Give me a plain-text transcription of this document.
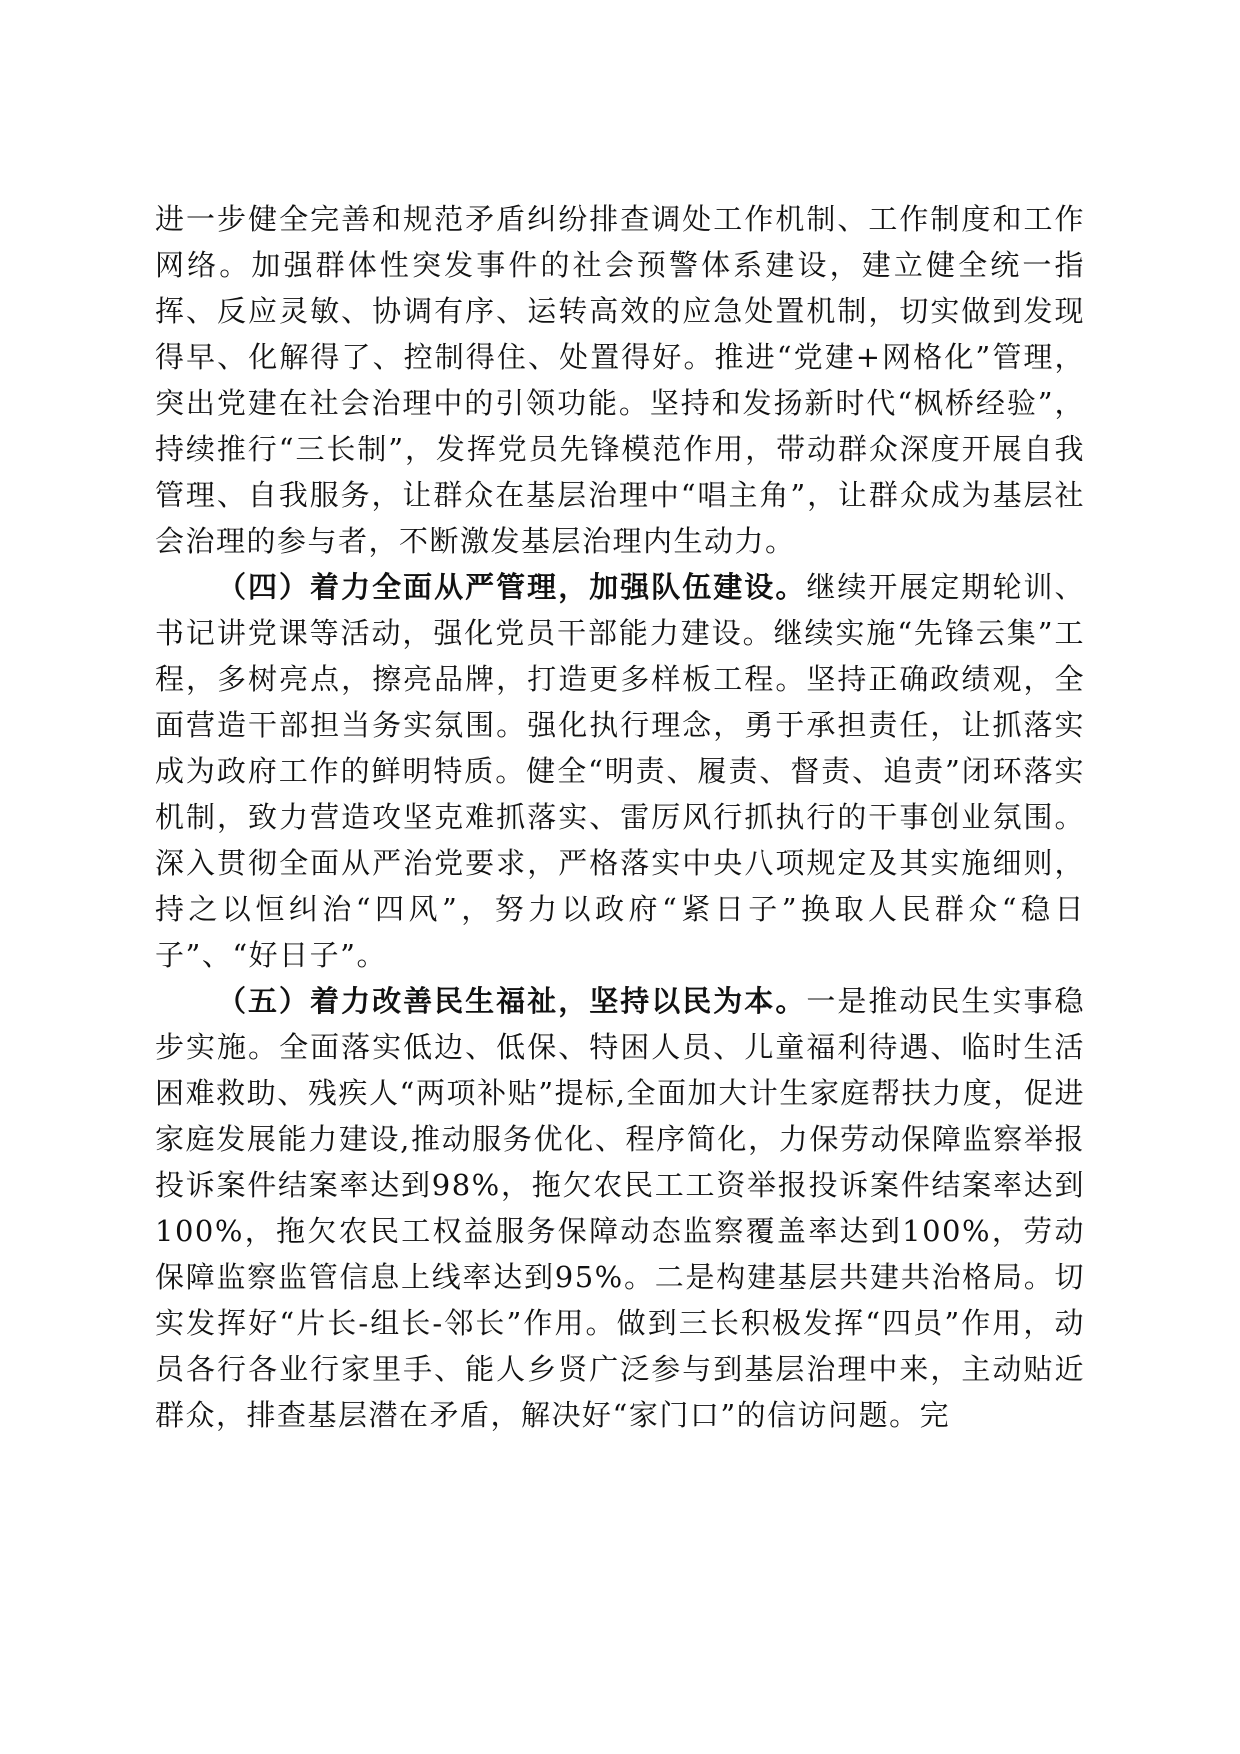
进一步健全完善和规范矛盾纠纷排查调处工作机制、工作制度和工作网络。加强群体性突发事件的社会预警体系建设，建立健全统一指挥、反应灵敏、协调有序、运转高效的应急处置机制，切实做到发现得早、化解得了、控制得住、处置得好。推进“党建+网格化”管理，突出党建在社会治理中的引领功能。坚持和发扬新时代“枫桥经验”，持续推行“三长制”，发挥党员先锋模范作用，带动群众深度开展自我管理、自我服务，让群众在基层治理中“唱主角”，让群众成为基层社会治理的参与者，不断激发基层治理内生动力。

（四）着力全面从严管理，加强队伍建设。继续开展定期轮训、书记讲党课等活动，强化党员干部能力建设。继续实施“先锋云集”工程，多树亮点，擦亮品牌，打造更多样板工程。坚持正确政绩观，全面营造干部担当务实氛围。强化执行理念，勇于承担责任，让抓落实成为政府工作的鲜明特质。健全“明责、履责、督责、追责”闭环落实机制，致力营造攻坚克难抓落实、雷厉风行抓执行的干事创业氛围。深入贯彻全面从严治党要求，严格落实中央八项规定及其实施细则，持之以恒纠治“四风”，努力以政府“紧日子”换取人民群众“稳日子”、“好日子”。

（五）着力改善民生福祉，坚持以民为本。一是推动民生实事稳步实施。全面落实低边、低保、特困人员、儿童福利待遇、临时生活困难救助、残疾人“两项补贴”提标,全面加大计生家庭帮扶力度，促进家庭发展能力建设,推动服务优化、程序简化，力保劳动保障监察举报投诉案件结案率达到98%，拖欠农民工工资举报投诉案件结案率达到100%，拖欠农民工权益服务保障动态监察覆盖率达到100%，劳动保障监察监管信息上线率达到95%。二是构建基层共建共治格局。切实发挥好“片长-组长-邻长”作用。做到三长积极发挥“四员”作用，动员各行各业行家里手、能人乡贤广泛参与到基层治理中来，主动贴近群众，排查基层潜在矛盾，解决好“家门口”的信访问题。完
